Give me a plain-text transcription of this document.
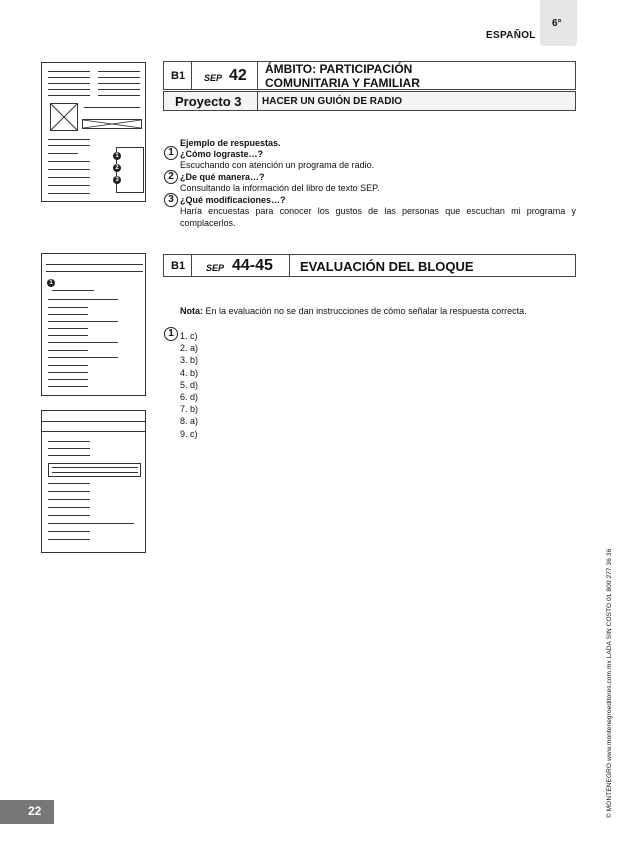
6°
ESPAÑOL
1
2
3
1
B1 SEP 42 ÁMBITO: PARTICIPACIÓN
COMUNITARIA Y FAMILIAR
Proyecto 3 HACER UN GUIÓN DE RADIO
Ejemplo de respuestas.
1 ¿Cómo lograste…?
Escuchando con atención un programa de radio.
2 ¿De qué manera…?
Consultando la información del libro de texto SEP.
3 ¿Qué modificaciones…?
Haría encuestas para conocer los gustos de las personas que escuchan mi programa y
complacerlos.
B1 SEP 44-45 EVALUACIÓN DEL BLOQUE
Nota: En la evaluación no se dan instrucciones de cómo señalar la respuesta correcta.
1 1. c)
2. a)
3. b)
4. b)
5. d)
6. d)
7. b)
8. a)
9. c)
© MONTENEGRO www.montenegroeditores.com.mx LADA SIN COSTO 01 800 277 36 36
22
